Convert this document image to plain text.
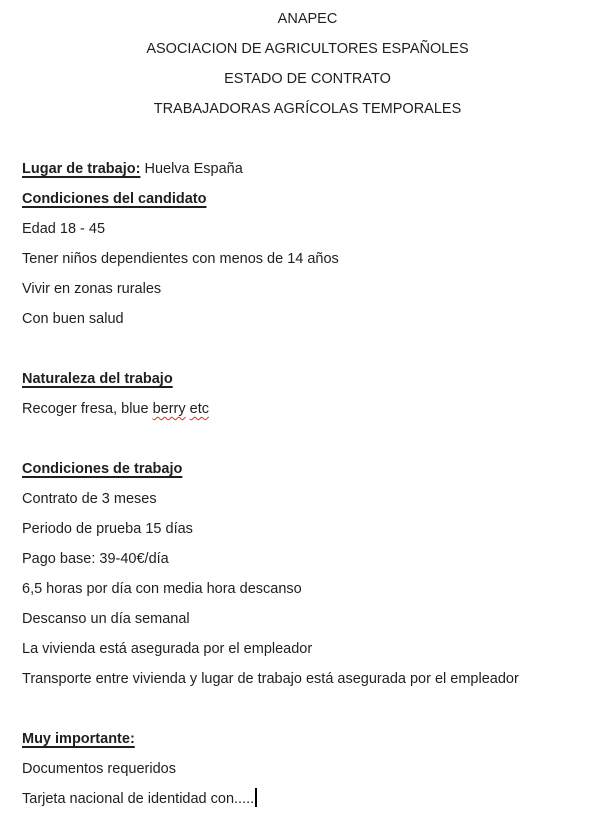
ANAPEC
ASOCIACION DE AGRICULTORES ESPAÑOLES
ESTADO DE CONTRATO
TRABAJADORAS AGRÍCOLAS TEMPORALES
Lugar de trabajo: Huelva España
Condiciones del candidato
Edad 18 - 45
Tener niños dependientes con menos de 14 años
Vivir en zonas rurales
Con buen salud
Naturaleza del trabajo
Recoger fresa, blue berry etc
Condiciones de trabajo
Contrato de 3 meses
Periodo de prueba 15 días
Pago base: 39-40€/día
6,5 horas por día con media hora descanso
Descanso un día semanal
La vivienda está asegurada por el empleador
Transporte entre vivienda y lugar de trabajo está asegurada por el empleador
Muy importante:
Documentos requeridos
Tarjeta nacional de identidad con.....
